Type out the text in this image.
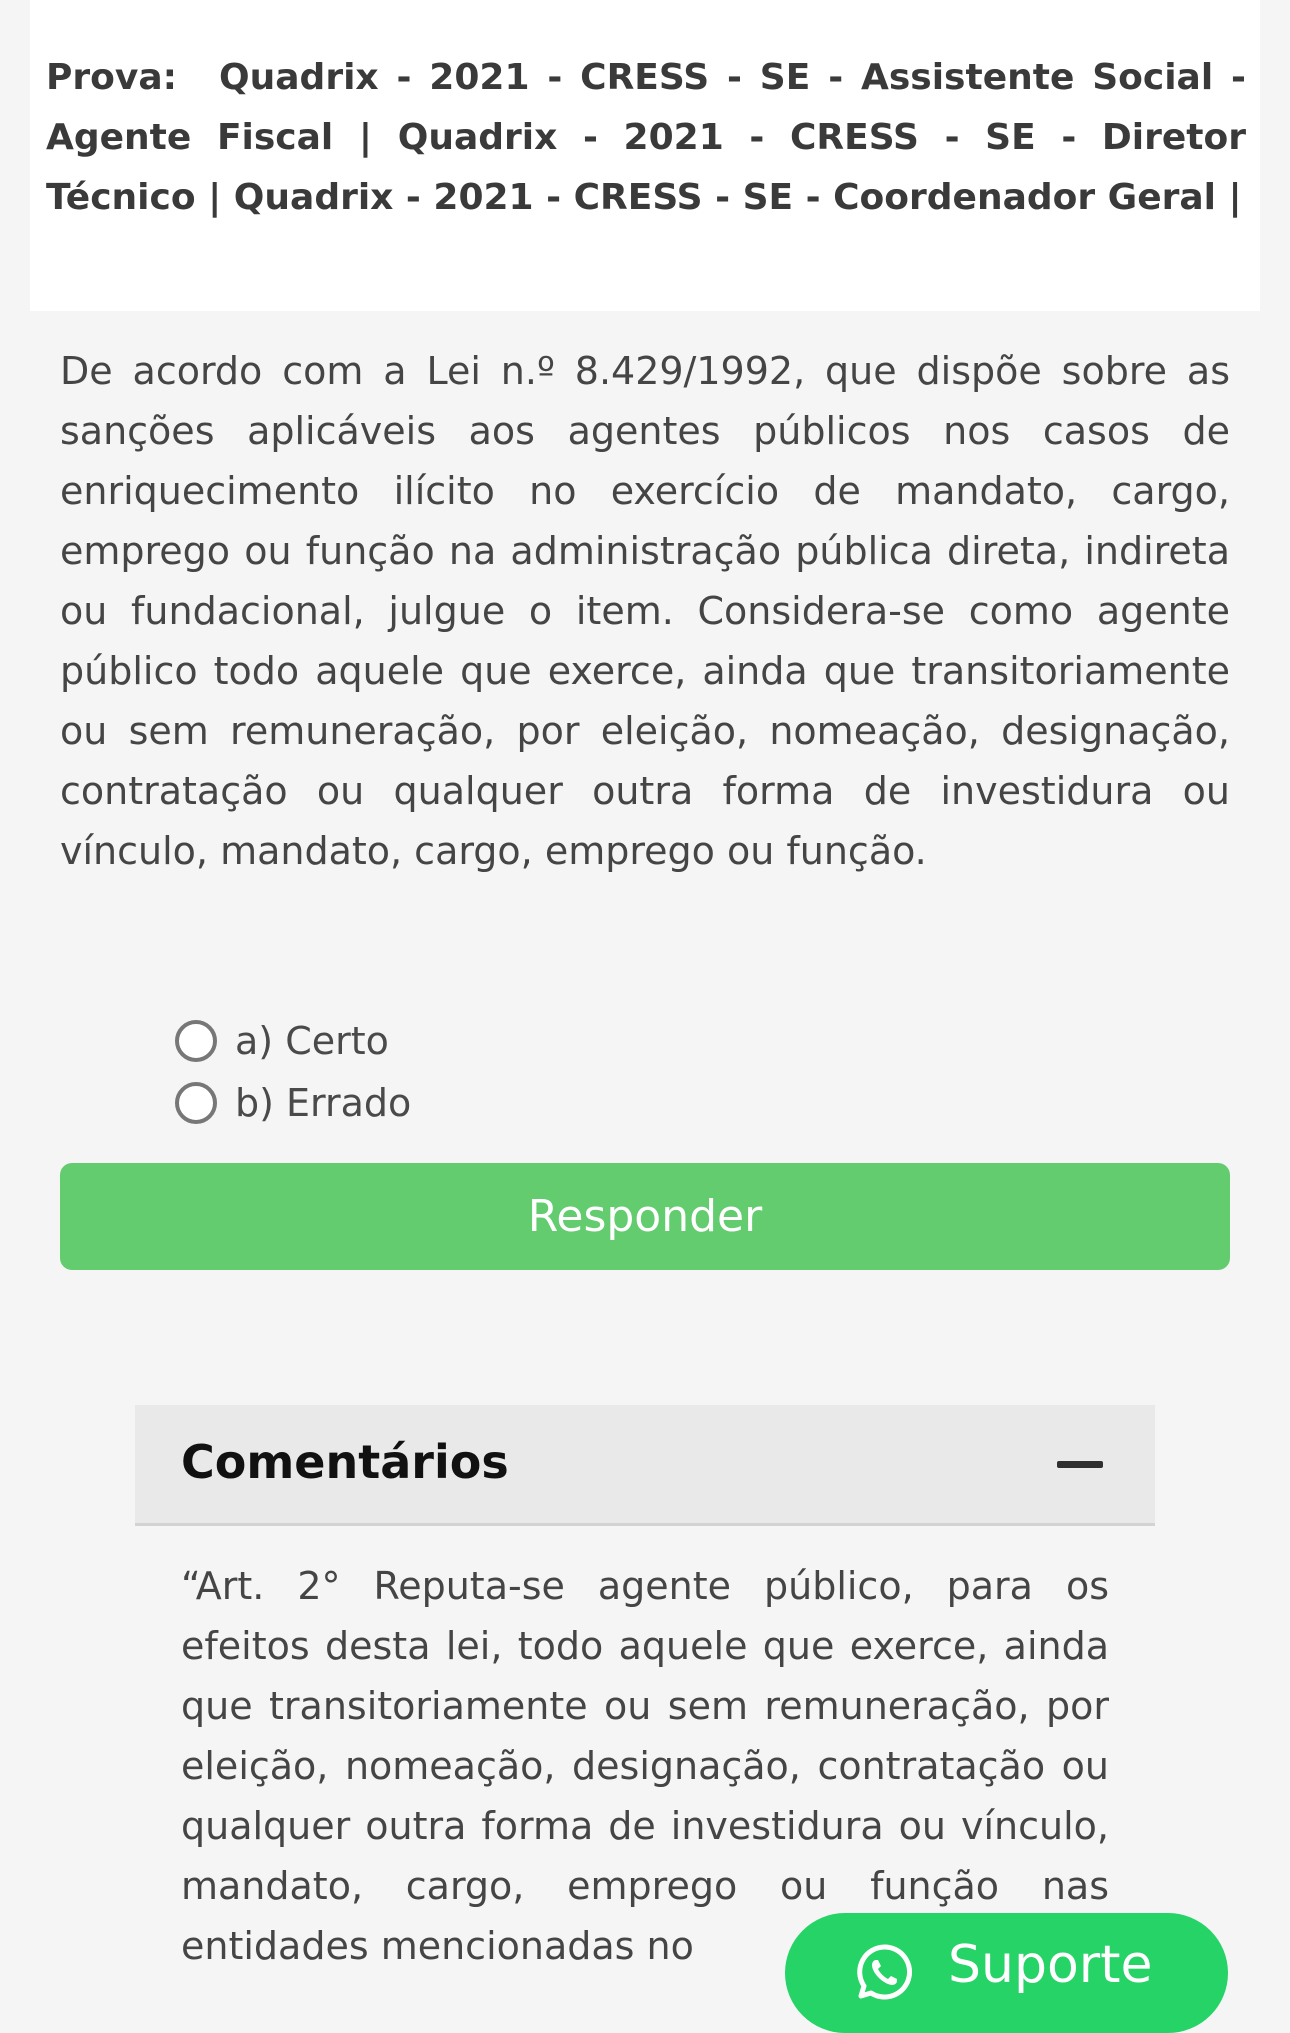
Prova: Quadrix - 2021 - CRESS - SE - Assistente Social - Agente Fiscal | Quadrix - 2021 - CRESS - SE - Diretor Técnico | Quadrix - 2021 - CRESS - SE - Coordenador Geral |

De acordo com a Lei n.º 8.429/1992, que dispõe sobre as sanções aplicáveis aos agentes públicos nos casos de enriquecimento ilícito no exercício de mandato, cargo, emprego ou função na administração pública direta, indireta ou fundacional, julgue o item. Considera-se como agente público todo aquele que exerce, ainda que transitoriamente ou sem remuneração, por eleição, nomeação, designação, contratação ou qualquer outra forma de investidura ou vínculo, mandato, cargo, emprego ou função.

a) Certo
b) Errado
Responder
Comentários

“Art. 2° Reputa-se agente público, para os efeitos desta lei, todo aquele que exerce, ainda que transitoriamente ou sem remuneração, por eleição, nomeação, designação, contratação ou qualquer outra forma de investidura ou vínculo, mandato, cargo, emprego ou função nas entidades mencionadas no	Suporte
